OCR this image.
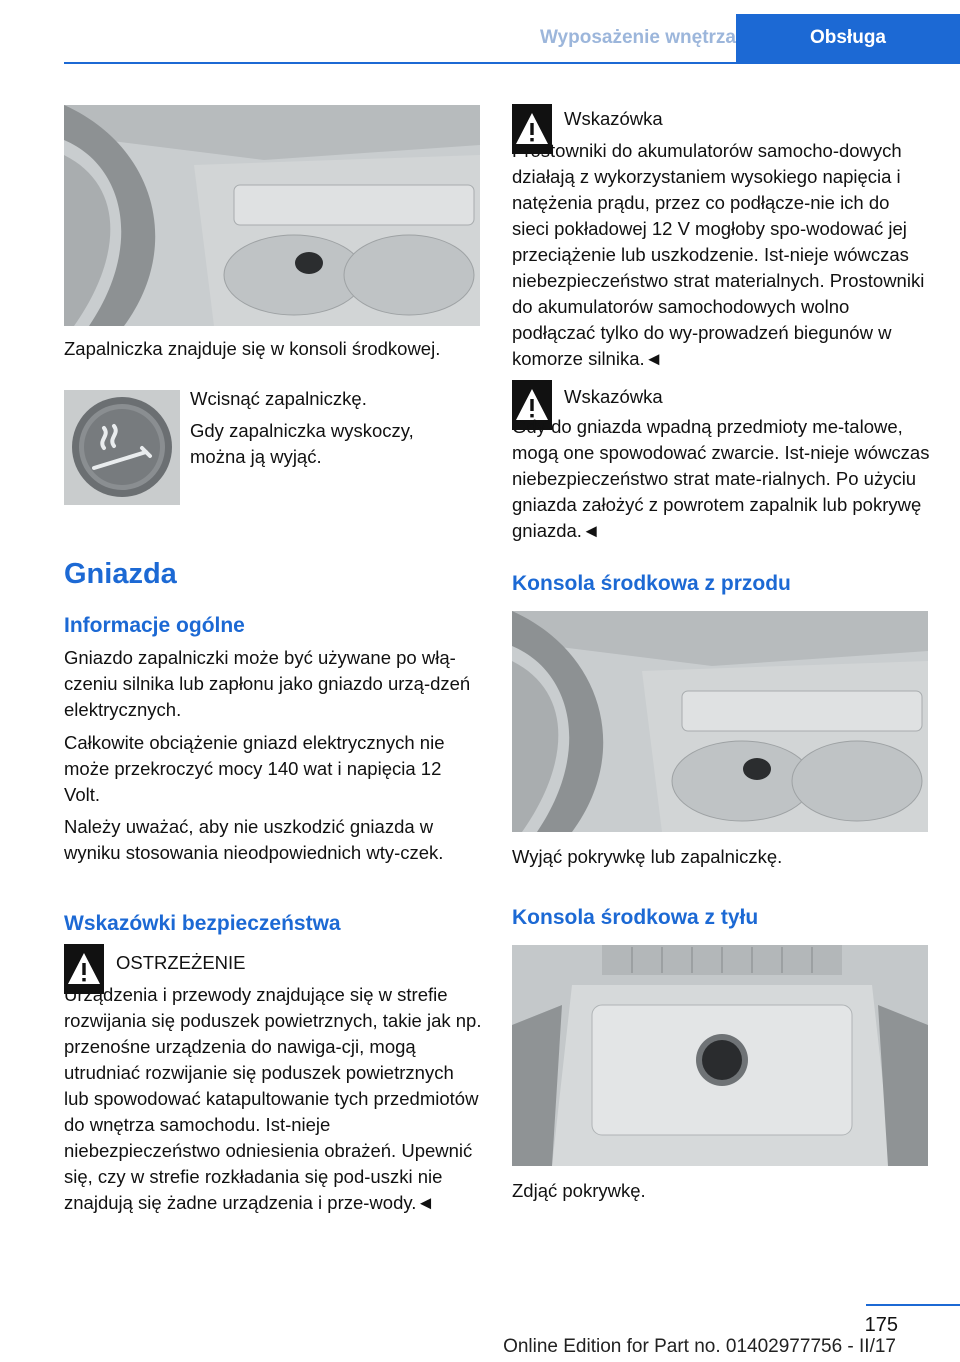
Wyposażenie wnętrza	Obsługa

Zapalniczka znajduje się w konsoli środkowej.

Wcisnąć zapalniczkę.

Gdy zapalniczka wyskoczy, można ją wyjąć.

Gniazda
Informacje ogólne

Gniazdo zapalniczki może być używane po włą-czeniu silnika lub zapłonu jako gniazdo urzą-dzeń elektrycznych.

Całkowite obciążenie gniazd elektrycznych nie może przekroczyć mocy 140 wat i napięcia 12 Volt.

Należy uważać, aby nie uszkodzić gniazda w wyniku stosowania nieodpowiednich wty-czek.

Wskazówki bezpieczeństwa

OSTRZEŻENIE

Urządzenia i przewody znajdujące się w strefie rozwijania się poduszek powietrznych, takie jak np. przenośne urządzenia do nawiga-cji, mogą utrudniać rozwijanie się poduszek powietrznych lub spowodować katapultowanie tych przedmiotów do wnętrza samochodu. Ist-nieje niebezpieczeństwo odniesienia obrażeń. Upewnić się, czy w strefie rozkładania się pod-uszki nie znajdują się żadne urządzenia i prze-wody.◄

Wskazówka

Prostowniki do akumulatorów samocho-dowych działają z wykorzystaniem wysokiego napięcia i natężenia prądu, przez co podłącze-nie ich do sieci pokładowej 12 V mogłoby spo-wodować jej przeciążenie lub uszkodzenie. Ist-nieje wówczas niebezpieczeństwo strat materialnych. Prostowniki do akumulatorów samochodowych wolno podłączać tylko do wy-prowadzeń biegunów w komorze silnika.◄

Wskazówka

Gdy do gniazda wpadną przedmioty me-talowe, mogą one spowodować zwarcie. Ist-nieje wówczas niebezpieczeństwo strat mate-rialnych. Po użyciu gniazda założyć z powrotem zapalnik lub pokrywę gniazda.◄

Konsola środkowa z przodu

Wyjąć pokrywkę lub zapalniczkę.

Konsola środkowa z tyłu

Zdjąć pokrywkę.

175
Online Edition for Part no. 01402977756 - II/17
